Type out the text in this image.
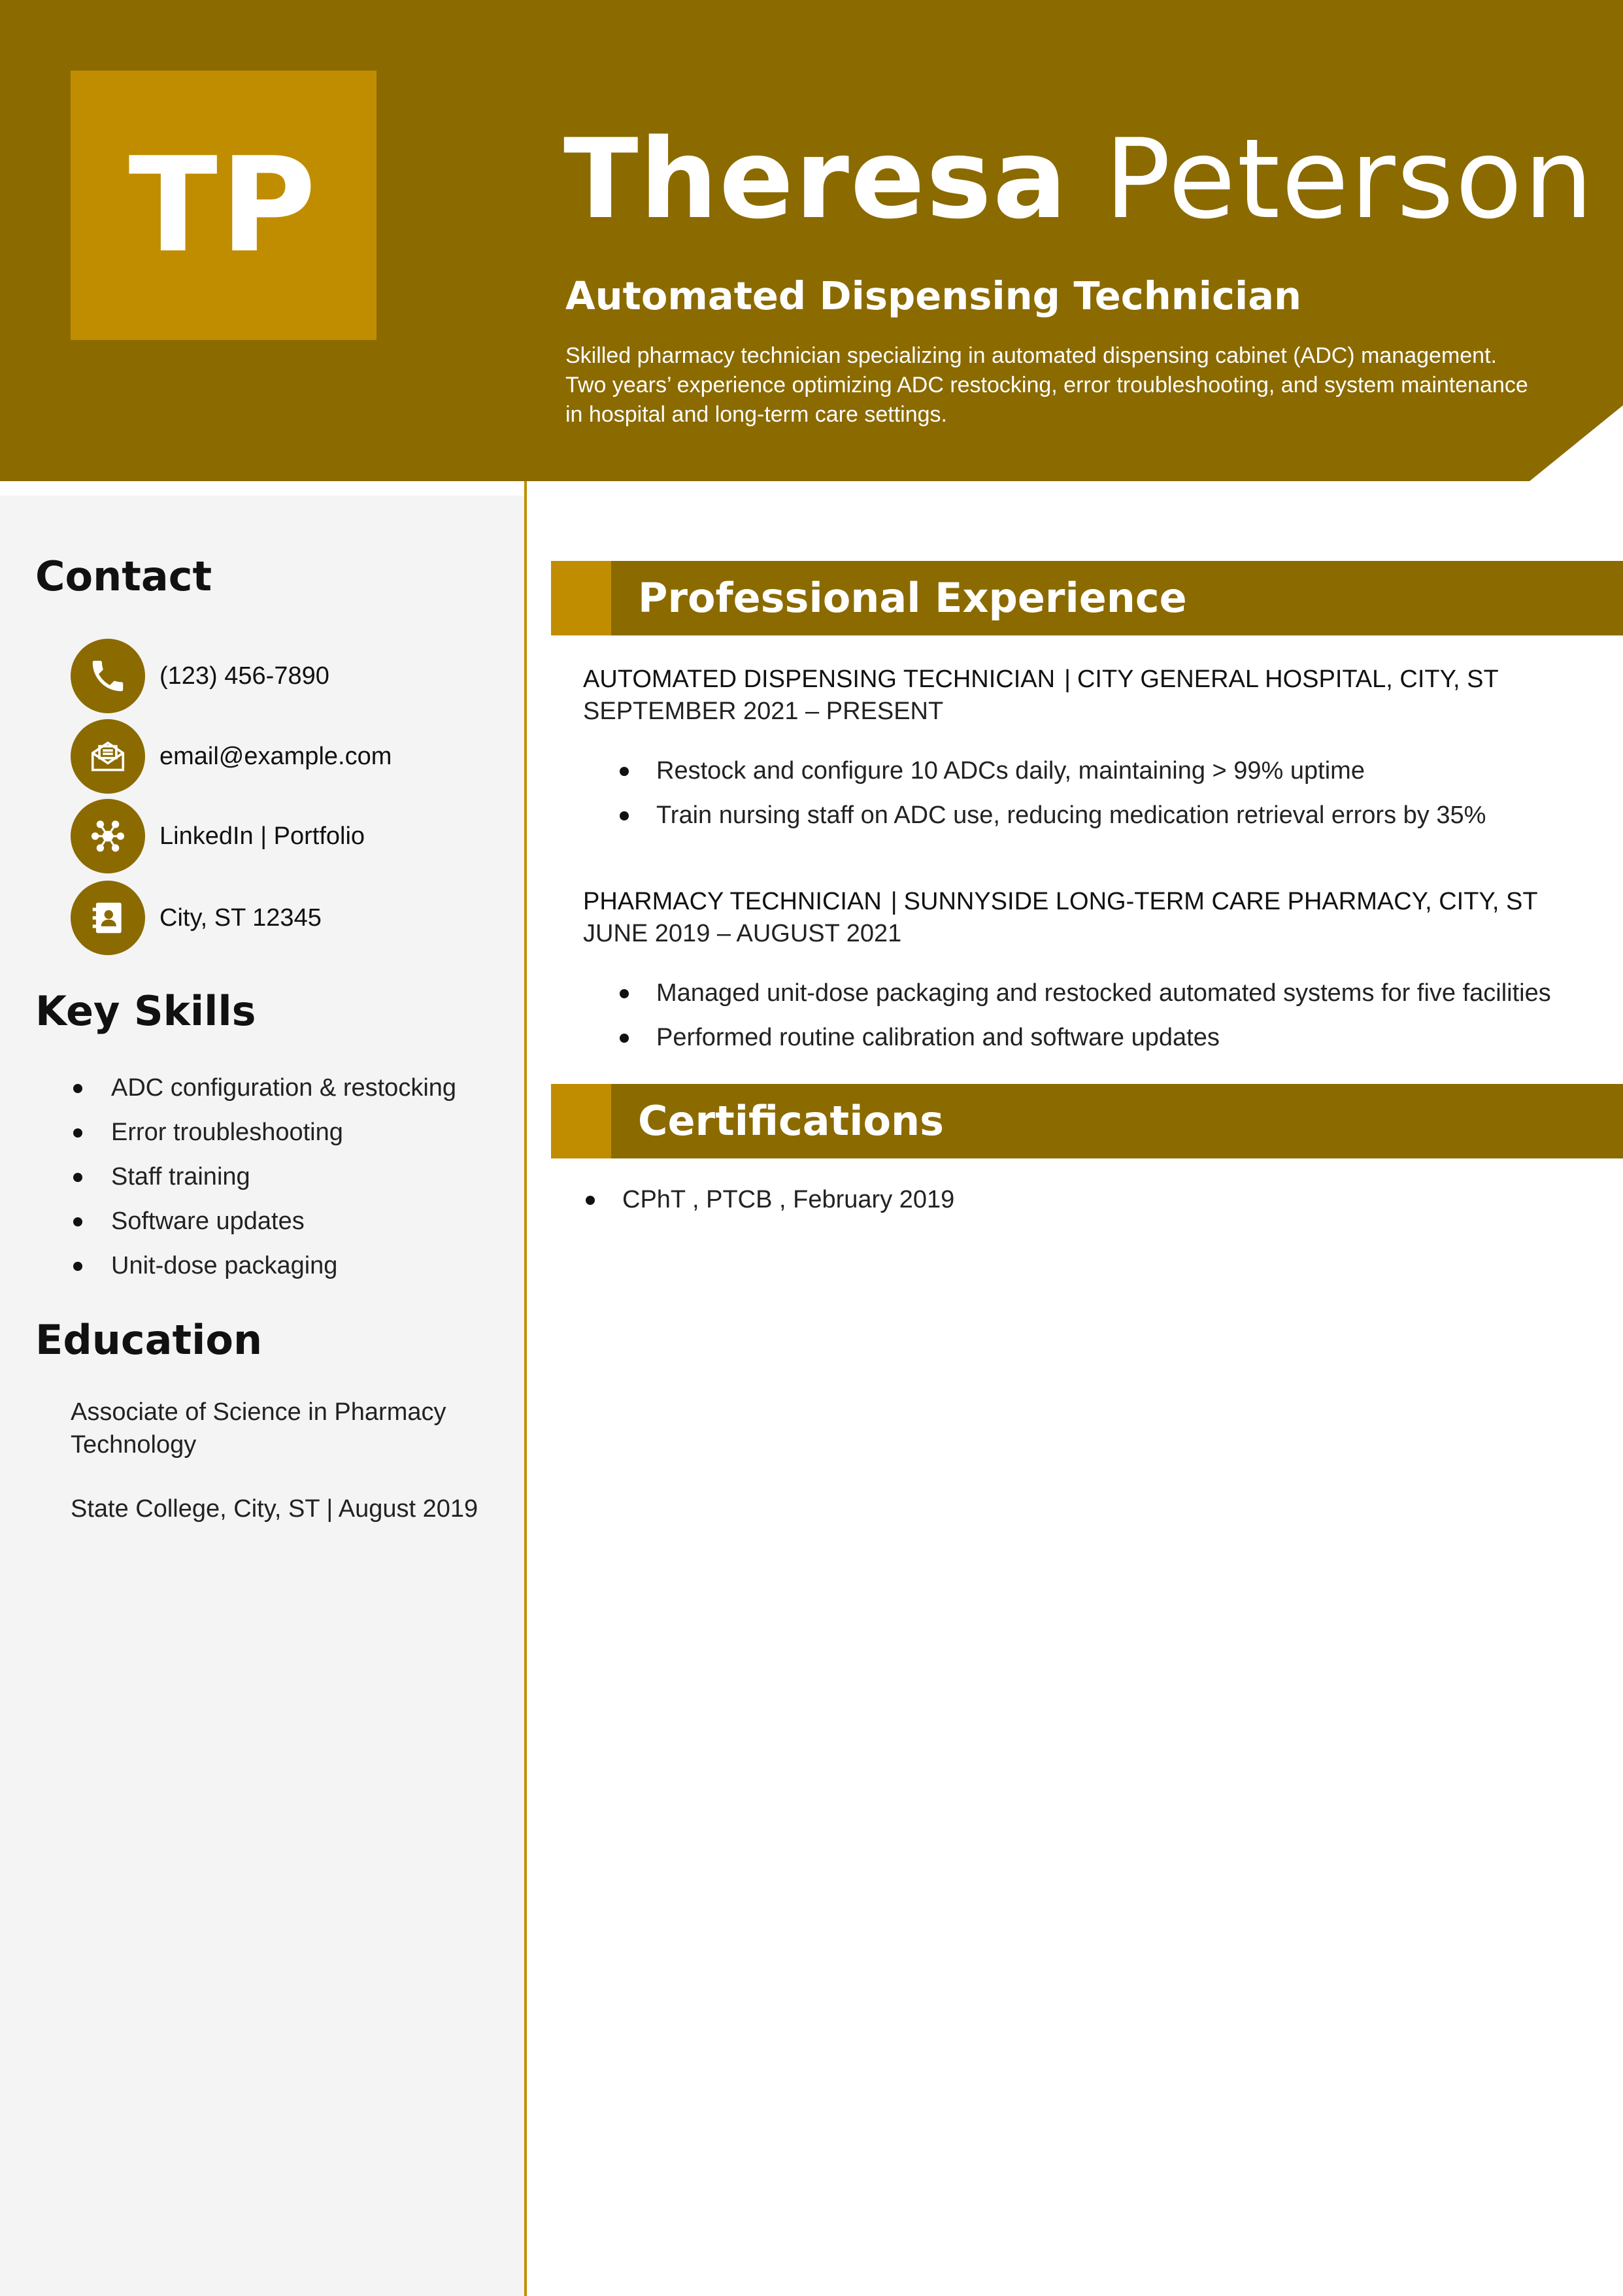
TP Theresa Peterson
Automated Dispensing Technician
Skilled pharmacy technician specializing in automated dispensing cabinet (ADC) management. Two years’ experience optimizing ADC restocking, error troubleshooting, and system maintenance in hospital and long-term care settings.
Contact
(123) 456-7890
email@example.com
LinkedIn | Portfolio
City, ST 12345
Key Skills
ADC configuration & restocking
Error troubleshooting
Staff training
Software updates
Unit-dose packaging
Education
Associate of Science in Pharmacy Technology
State College, City, ST | August 2019
Professional Experience
AUTOMATED DISPENSING TECHNICIAN | CITY GENERAL HOSPITAL, CITY, ST
SEPTEMBER 2021 – PRESENT
Restock and configure 10 ADCs daily, maintaining > 99% uptime
Train nursing staff on ADC use, reducing medication retrieval errors by 35%
PHARMACY TECHNICIAN | SUNNYSIDE LONG-TERM CARE PHARMACY, CITY, ST
JUNE 2019 – AUGUST 2021
Managed unit-dose packaging and restocked automated systems for five facilities
Performed routine calibration and software updates
Certifications
CPhT , PTCB , February 2019
